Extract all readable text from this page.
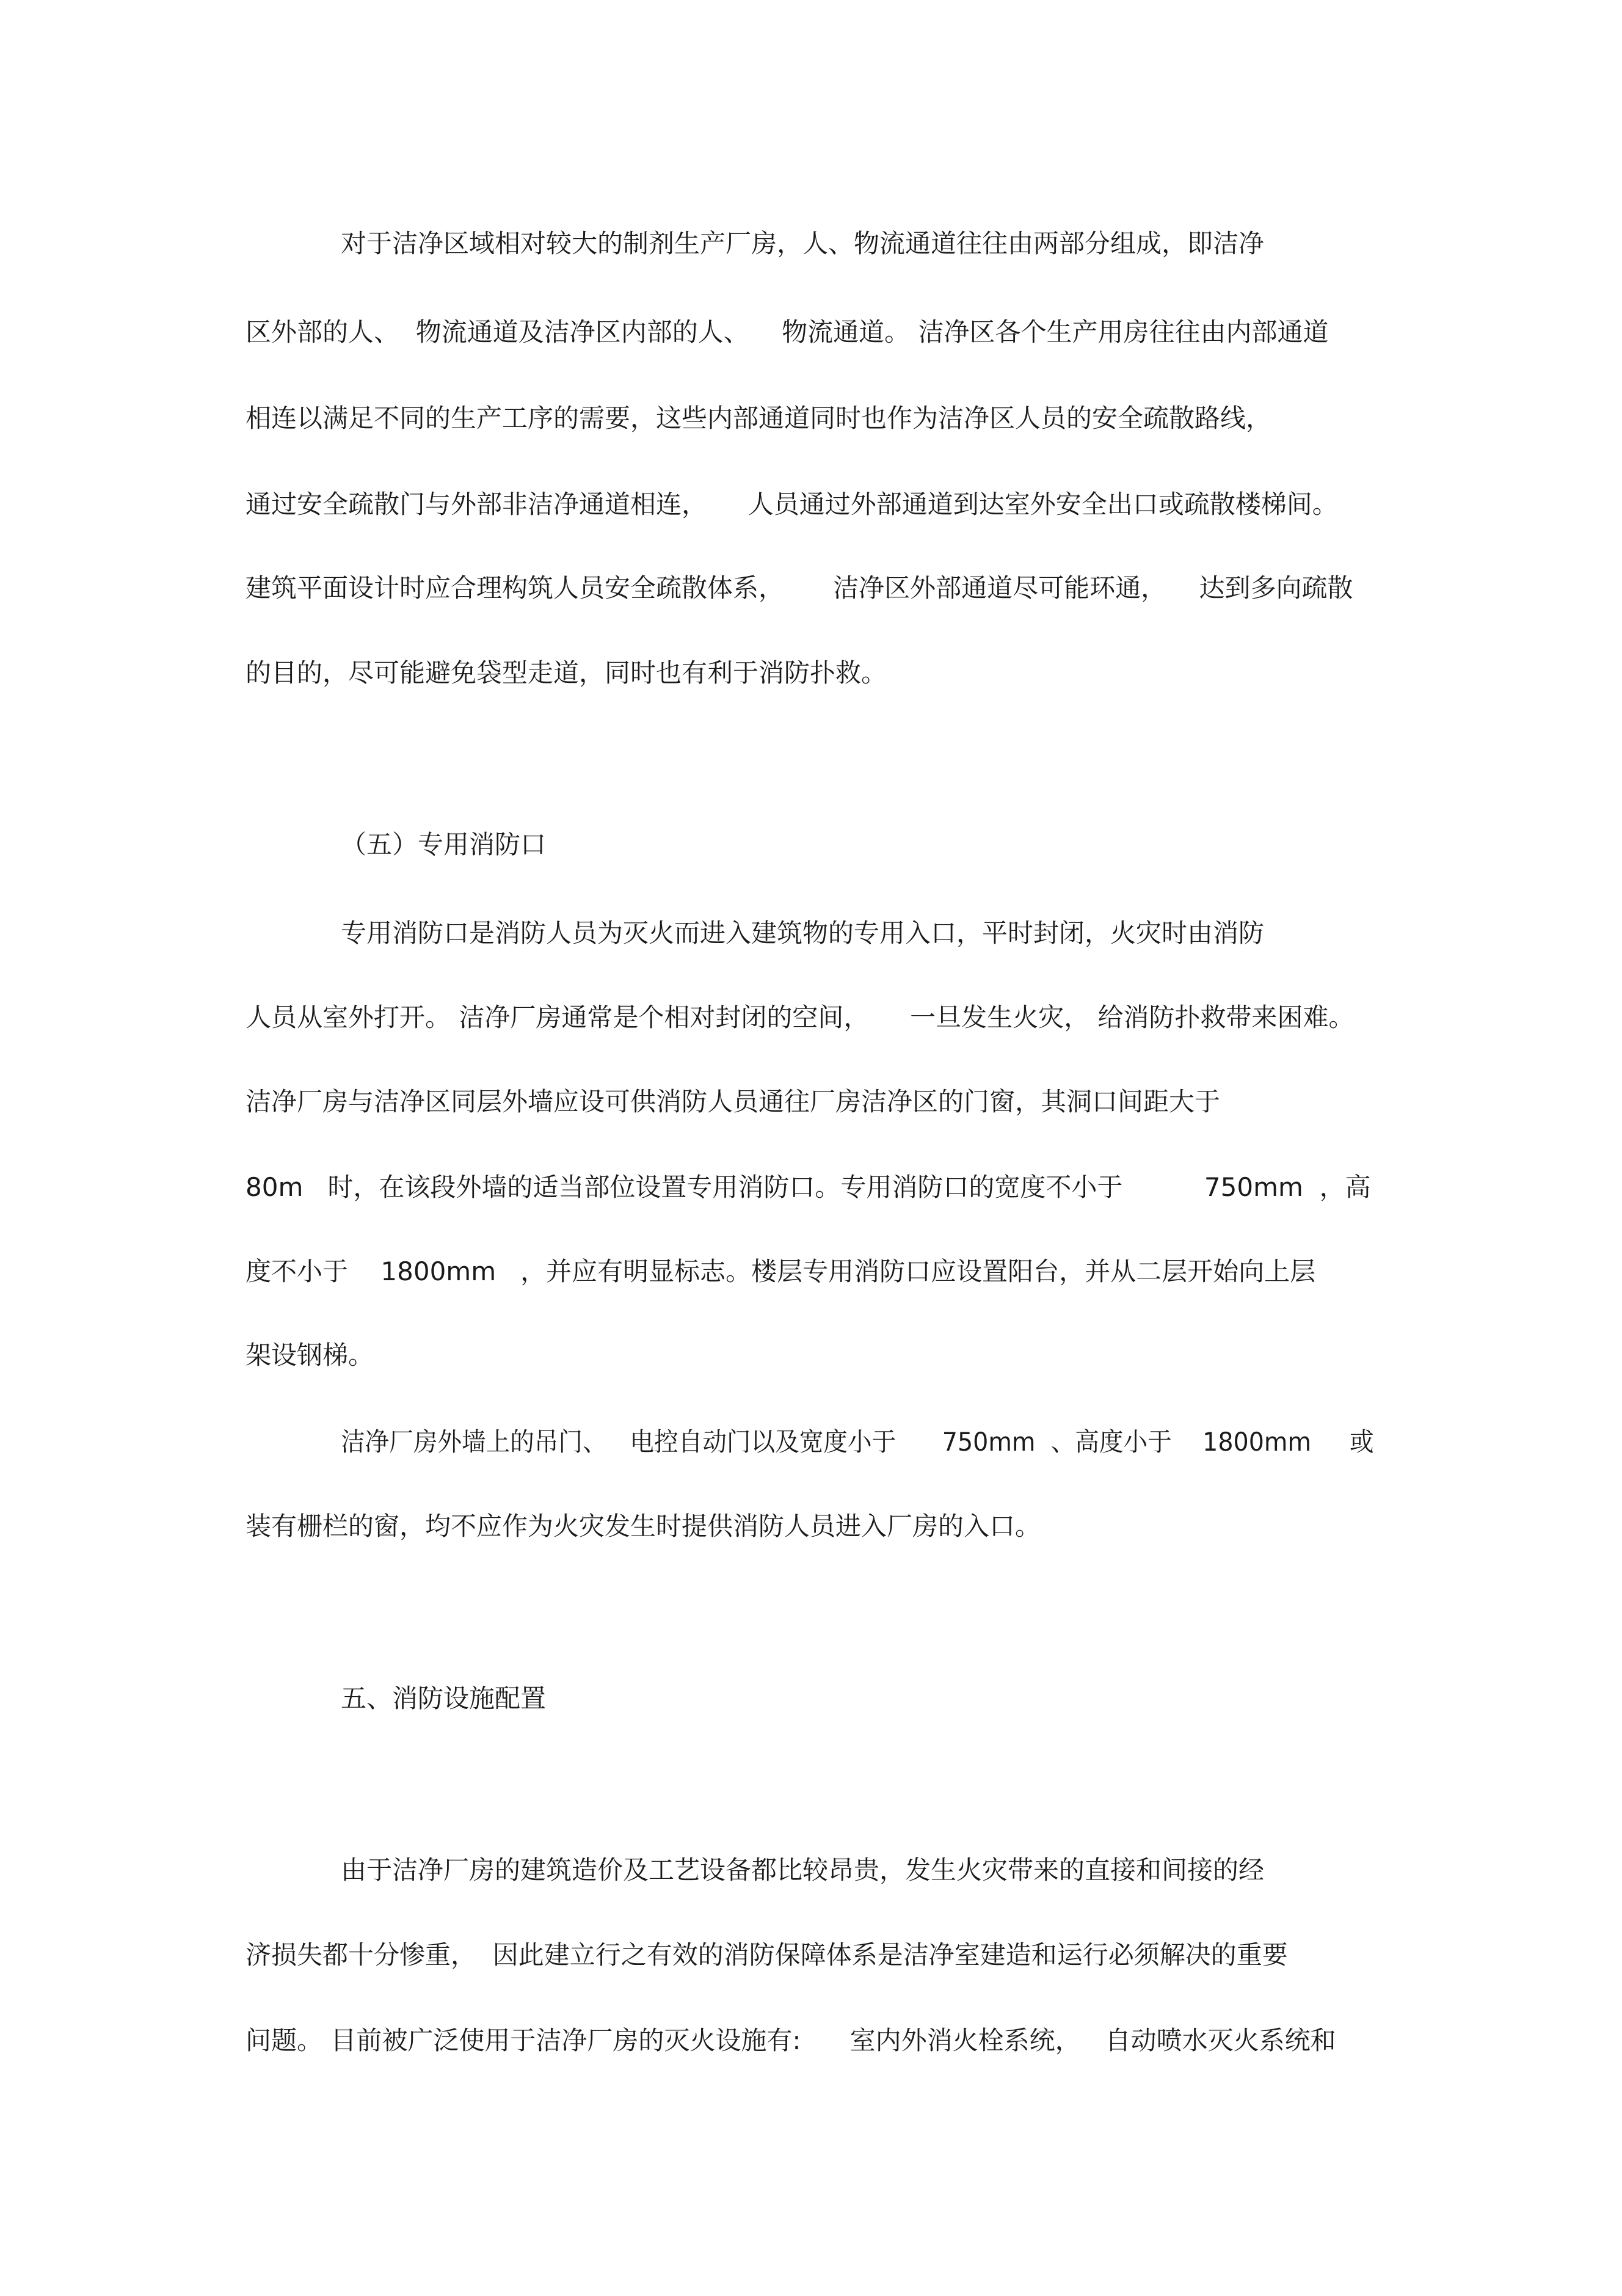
对于洁净区域相对较大的制剂生产厂房，人、物流通道往往由两部分组成，即洁净
区外部的人、  物流通道及洁净区内部的人、    物流通道。 洁净区各个生产用房往往由内部通道
相连以满足不同的生产工序的需要，这些内部通道同时也作为洁净区人员的安全疏散路线，
通过安全疏散门与外部非洁净通道相连，     人员通过外部通道到达室外安全出口或疏散楼梯间。
建筑平面设计时应合理构筑人员安全疏散体系，      洁净区外部通道尽可能环通，    达到多向疏散
的目的，尽可能避免袋型走道，同时也有利于消防扑救。
（五）专用消防口
专用消防口是消防人员为灭火而进入建筑物的专用入口，平时封闭，火灾时由消防
人员从室外打开。 洁净厂房通常是个相对封闭的空间，     一旦发生火灾， 给消防扑救带来困难。
洁净厂房与洁净区同层外墙应设可供消防人员通往厂房洁净区的门窗，其洞口间距大于
80m   时，在该段外墙的适当部位设置专用消防口。专用消防口的宽度不小于          750mm  ，高
度不小于    1800mm   ，并应有明显标志。楼层专用消防口应设置阳台，并从二层开始向上层
架设钢梯。
洁净厂房外墙上的吊门、   电控自动门以及宽度小于      750mm  、高度小于    1800mm     或
装有栅栏的窗，均不应作为火灾发生时提供消防人员进入厂房的入口。
五、消防设施配置
由于洁净厂房的建筑造价及工艺设备都比较昂贵，发生火灾带来的直接和间接的经
济损失都十分惨重，  因此建立行之有效的消防保障体系是洁净室建造和运行必须解决的重要
问题。 目前被广泛使用于洁净厂房的灭火设施有:      室内外消火栓系统，   自动喷水灭火系统和
